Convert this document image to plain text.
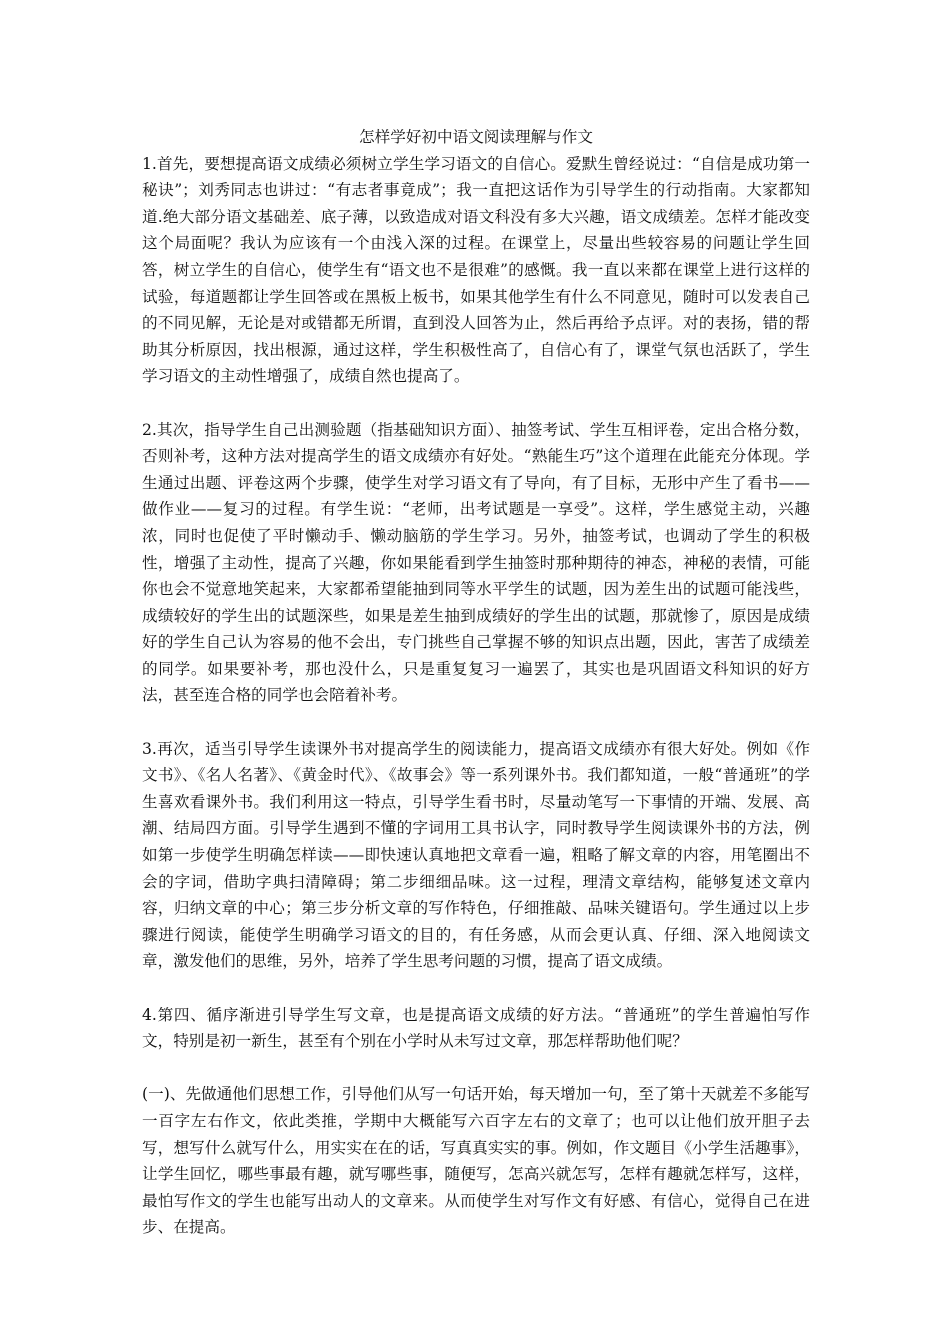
怎样学好初中语文阅读理解与作文

1.首先，要想提高语文成绩必须树立学生学习语文的自信心。爱默生曾经说过：“自信是成功第一秘诀”；刘秀同志也讲过：“有志者事竟成”；我一直把这话作为引导学生的行动指南。大家都知道.绝大部分语文基础差、底子薄，以致造成对语文科没有多大兴趣，语文成绩差。怎样才能改变这个局面呢？我认为应该有一个由浅入深的过程。在课堂上，尽量出些较容易的问题让学生回答，树立学生的自信心，使学生有“语文也不是很难”的感慨。我一直以来都在课堂上进行这样的试验，每道题都让学生回答或在黑板上板书，如果其他学生有什么不同意见，随时可以发表自己的不同见解，无论是对或错都无所谓，直到没人回答为止，然后再给予点评。对的表扬，错的帮助其分析原因，找出根源，通过这样，学生积极性高了，自信心有了，课堂气氛也活跃了，学生学习语文的主动性增强了，成绩自然也提高了。

2.其次，指导学生自己出测验题（指基础知识方面）、抽签考试、学生互相评卷，定出合格分数，否则补考，这种方法对提高学生的语文成绩亦有好处。“熟能生巧”这个道理在此能充分体现。学生通过出题、评卷这两个步骤，使学生对学习语文有了导向，有了目标，无形中产生了看书——做作业——复习的过程。有学生说：“老师，出考试题是一享受”。这样，学生感觉主动，兴趣浓，同时也促使了平时懒动手、懒动脑筋的学生学习。另外，抽签考试，也调动了学生的积极性，增强了主动性，提高了兴趣，你如果能看到学生抽签时那种期待的神态，神秘的表情，可能你也会不觉意地笑起来，大家都希望能抽到同等水平学生的试题，因为差生出的试题可能浅些，成绩较好的学生出的试题深些，如果是差生抽到成绩好的学生出的试题，那就惨了，原因是成绩好的学生自己认为容易的他不会出，专门挑些自己掌握不够的知识点出题，因此，害苦了成绩差的同学。如果要补考，那也没什么，只是重复复习一遍罢了，其实也是巩固语文科知识的好方法，甚至连合格的同学也会陪着补考。

3.再次，适当引导学生读课外书对提高学生的阅读能力，提高语文成绩亦有很大好处。例如《作文书》、《名人名著》、《黄金时代》、《故事会》等一系列课外书。我们都知道，一般“普通班”的学生喜欢看课外书。我们利用这一特点，引导学生看书时，尽量动笔写一下事情的开端、发展、高潮、结局四方面。引导学生遇到不懂的字词用工具书认字，同时教导学生阅读课外书的方法，例如第一步使学生明确怎样读——即快速认真地把文章看一遍，粗略了解文章的内容，用笔圈出不会的字词，借助字典扫清障碍；第二步细细品味。这一过程，理清文章结构，能够复述文章内容，归纳文章的中心；第三步分析文章的写作特色，仔细推敲、品味关键语句。学生通过以上步骤进行阅读，能使学生明确学习语文的目的，有任务感，从而会更认真、仔细、深入地阅读文章，激发他们的思维，另外，培养了学生思考问题的习惯，提高了语文成绩。

4.第四、循序渐进引导学生写文章，也是提高语文成绩的好方法。“普通班”的学生普遍怕写作文，特别是初一新生，甚至有个别在小学时从未写过文章，那怎样帮助他们呢？

(一)、先做通他们思想工作，引导他们从写一句话开始，每天增加一句，至了第十天就差不多能写一百字左右作文，依此类推，学期中大概能写六百字左右的文章了；也可以让他们放开胆子去写，想写什么就写什么，用实实在在的话，写真真实实的事。例如，作文题目《小学生活趣事》，让学生回忆，哪些事最有趣，就写哪些事，随便写，怎高兴就怎写，怎样有趣就怎样写，这样，最怕写作文的学生也能写出动人的文章来。从而使学生对写作文有好感、有信心，觉得自己在进步、在提高。
